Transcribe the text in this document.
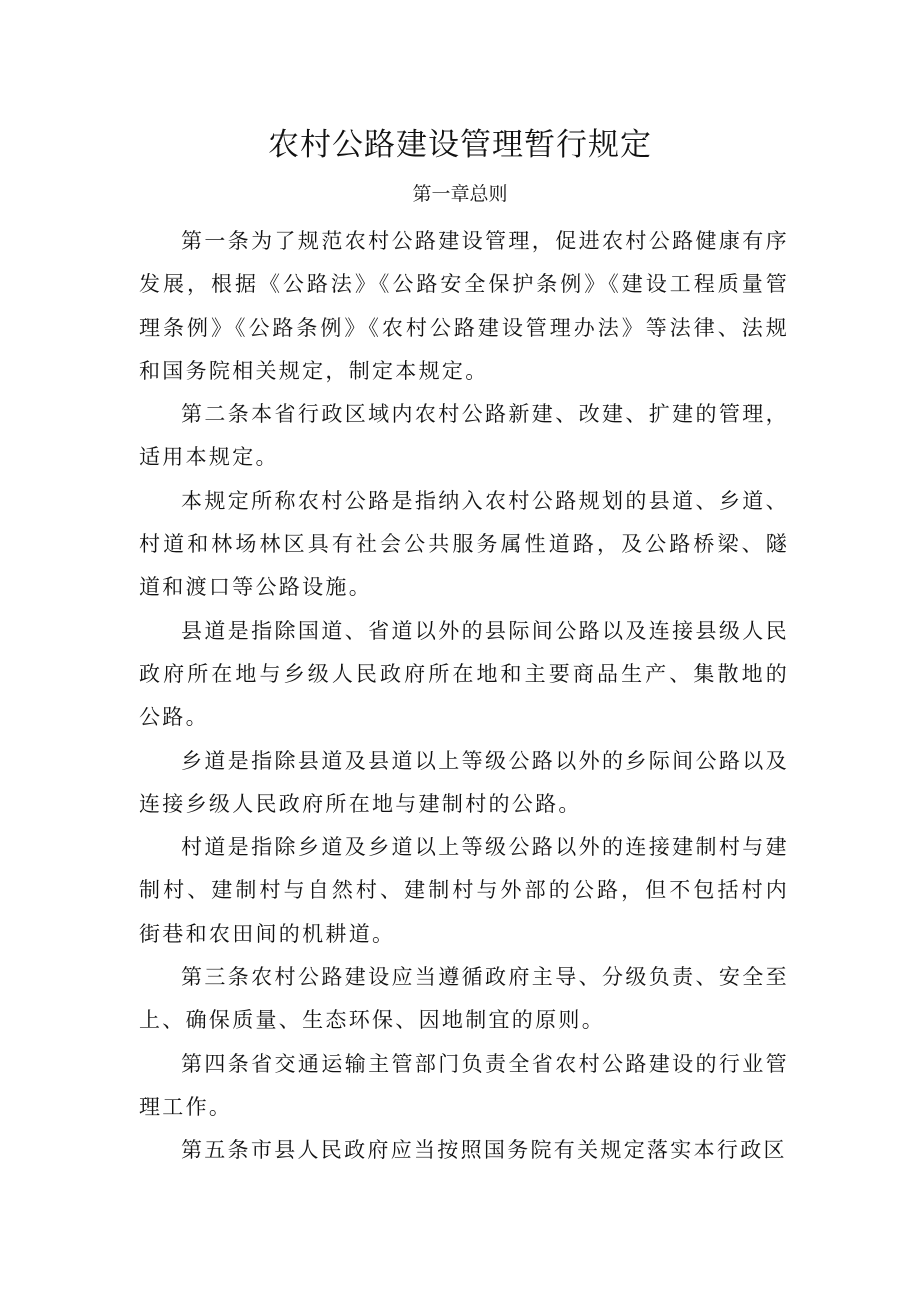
农村公路建设管理暂行规定
第一章总则

第一条为了规范农村公路建设管理，促进农村公路健康有序发展，根据《公路法》《公路安全保护条例》《建设工程质量管理条例》《公路条例》《农村公路建设管理办法》等法律、法规和国务院相关规定，制定本规定。

第二条本省行政区域内农村公路新建、改建、扩建的管理，适用本规定。

本规定所称农村公路是指纳入农村公路规划的县道、乡道、村道和林场林区具有社会公共服务属性道路，及公路桥梁、隧道和渡口等公路设施。

县道是指除国道、省道以外的县际间公路以及连接县级人民政府所在地与乡级人民政府所在地和主要商品生产、集散地的公路。

乡道是指除县道及县道以上等级公路以外的乡际间公路以及连接乡级人民政府所在地与建制村的公路。

村道是指除乡道及乡道以上等级公路以外的连接建制村与建制村、建制村与自然村、建制村与外部的公路，但不包括村内街巷和农田间的机耕道。

第三条农村公路建设应当遵循政府主导、分级负责、安全至上、确保质量、生态环保、因地制宜的原则。

第四条省交通运输主管部门负责全省农村公路建设的行业管理工作。

第五条市县人民政府应当按照国务院有关规定落实本行政区
